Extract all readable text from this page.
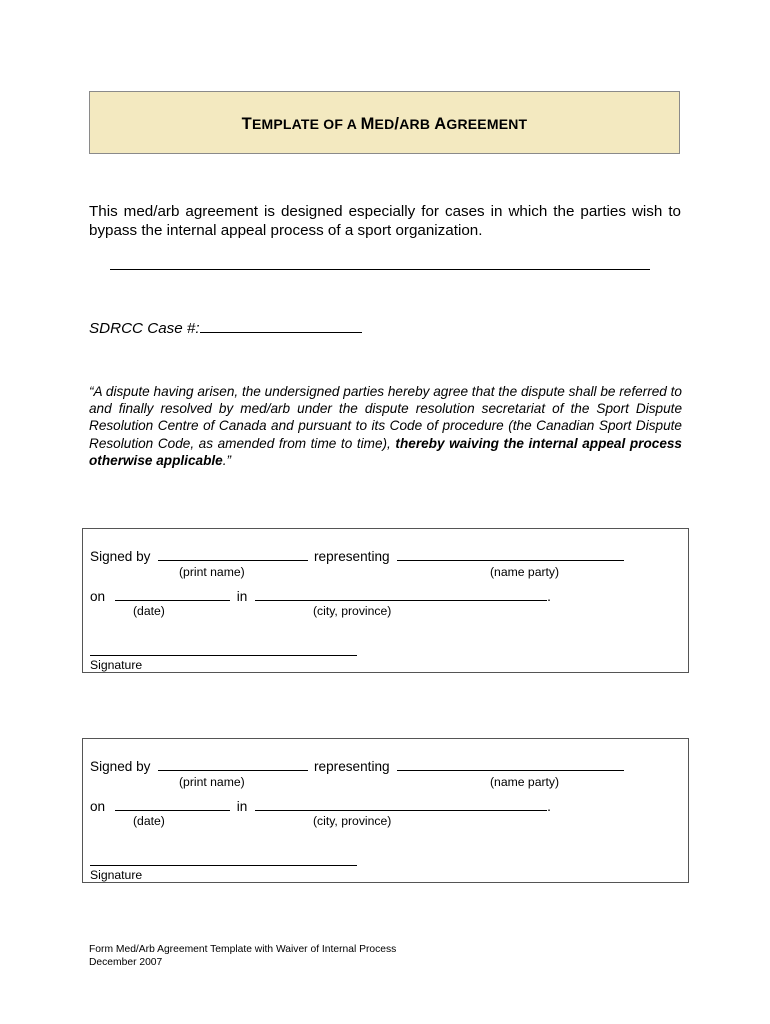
TEMPLATE OF A MED/ARB AGREEMENT

This med/arb agreement is designed especially for cases in which the parties wish to bypass the internal appeal process of a sport organization.

SDRCC Case #:

“A dispute having arisen, the undersigned parties hereby agree that the dispute shall be referred to and finally resolved by med/arb under the dispute resolution secretariat of the Sport Dispute Resolution Centre of Canada and pursuant to its Code of procedure (the Canadian Sport Dispute Resolution Code, as amended from time to time), thereby waiving the internal appeal process otherwise applicable.”

Signed by	representing
(print name)	(name party)
on	in	.
(date)	(city, province)
Signature
Signed by	representing
(print name)	(name party)
on	in	.
(date)	(city, province)
Signature
Form Med/Arb Agreement Template with Waiver of Internal Process
December 2007
